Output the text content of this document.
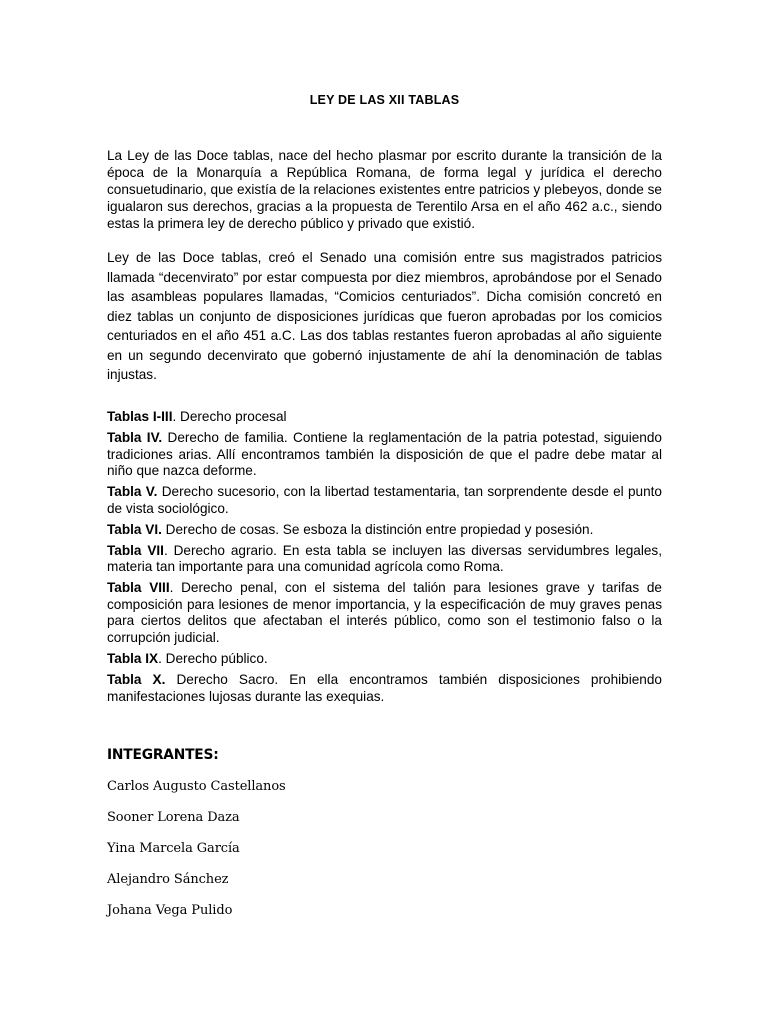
LEY DE LAS XII TABLAS

La Ley de las Doce tablas, nace del hecho plasmar por escrito durante la transición de la época de la Monarquía a República Romana, de forma legal y jurídica el derecho consuetudinario, que existía de la relaciones existentes entre patricios y plebeyos, donde se igualaron sus derechos, gracias a la propuesta de Terentilo Arsa en el año 462 a.c., siendo estas la primera ley de derecho público y privado que existió.

Ley de las Doce tablas, creó el Senado una comisión entre sus magistrados patricios llamada “decenvirato” por estar compuesta por diez miembros, aprobándose por el Senado las asambleas populares llamadas, “Comicios centuriados”. Dicha comisión concretó en diez tablas un conjunto de disposiciones jurídicas que fueron aprobadas por los comicios centuriados en el año 451 a.C. Las dos tablas restantes fueron aprobadas al año siguiente en un segundo decenvirato que gobernó injustamente de ahí la denominación de tablas injustas.

Tablas I-III. Derecho procesal

Tabla IV. Derecho de familia. Contiene la reglamentación de la patria potestad, siguiendo tradiciones arias. Allí encontramos también la disposición de que el padre debe matar al niño que nazca deforme.

Tabla V. Derecho sucesorio, con la libertad testamentaria, tan sorprendente desde el punto de vista sociológico.

Tabla VI. Derecho de cosas. Se esboza la distinción entre propiedad y posesión.

Tabla VII. Derecho agrario. En esta tabla se incluyen las diversas servidumbres legales, materia tan importante para una comunidad agrícola como Roma.

Tabla VIII. Derecho penal, con el sistema del talión para lesiones grave y tarifas de composición para lesiones de menor importancia, y la especificación de muy graves penas para ciertos delitos que afectaban el interés público, como son el testimonio falso o la corrupción judicial.

Tabla IX. Derecho público.

Tabla X. Derecho Sacro. En ella encontramos también disposiciones prohibiendo manifestaciones lujosas durante las exequias.

INTEGRANTES:
Carlos Augusto Castellanos
Sooner Lorena Daza
Yina Marcela García
Alejandro Sánchez
Johana Vega Pulido
